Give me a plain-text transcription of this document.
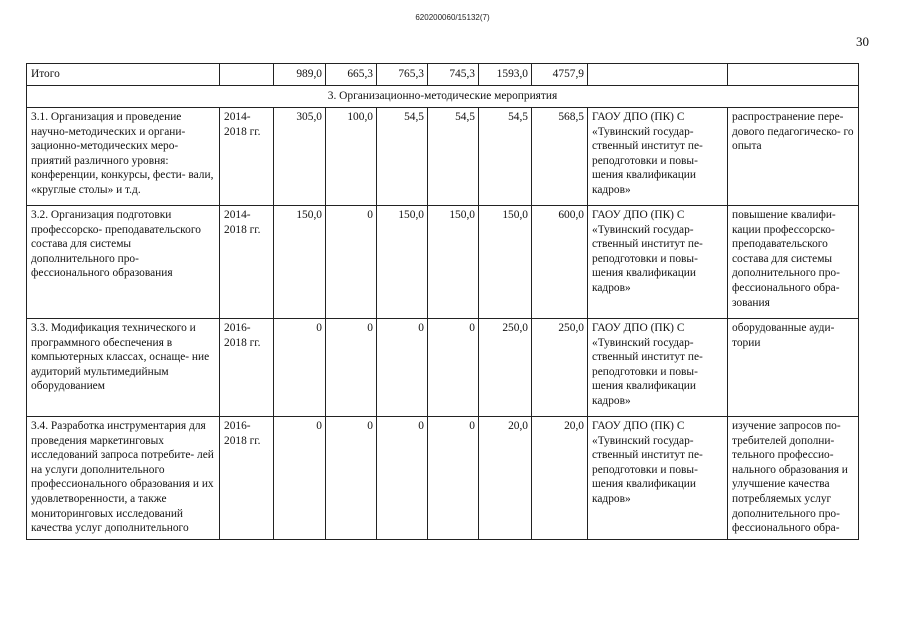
620200060/15132(7)
30
Итого		989,0	665,3	765,3	745,3	1593,0	4757,9		
3. Организационно-методические мероприятия									
3.1. Организация и проведение научно-методических и органи- зационно-методических меро- приятий различного уровня: конференции, конкурсы, фести- вали, «круглые столы» и т.д.	2014- 2018 гг.	305,0	100,0	54,5	54,5	54,5	568,5	ГАОУ ДПО (ПК) С «Тувинский государ- ственный институт пе- реподготовки и повы- шения квалификации кадров»	распространение пере- дового педагогическо- го опыта
3.2. Организация подготовки профессорско- преподавательского состава для системы дополнительного про- фессионального образования	2014- 2018 гг.	150,0	0	150,0	150,0	150,0	600,0	ГАОУ ДПО (ПК) С «Тувинский государ- ственный институт пе- реподготовки и повы- шения квалификации кадров»	повышение квалифи- кации профессорско- преподавательского состава для системы дополнительного про- фессионального обра- зования
3.3. Модификация технического и программного обеспечения в компьютерных классах, оснаще- ние аудиторий мультимедийным оборудованием	2016- 2018 гг.	0	0	0	0	250,0	250,0	ГАОУ ДПО (ПК) С «Тувинский государ- ственный институт пе- реподготовки и повы- шения квалификации кадров»	оборудованные ауди- тории
3.4. Разработка инструментария для проведения маркетинговых исследований запроса потребите- лей на услуги дополнительного профессионального образования и их удовлетворенности, а также мониторинговых исследований качества услуг дополнительного	2016- 2018 гг.	0	0	0	0	20,0	20,0	ГАОУ ДПО (ПК) С «Тувинский государ- ственный институт пе- реподготовки и повы- шения квалификации кадров»	изучение запросов по- требителей дополни- тельного профессио- нального образования и улучшение качества потребляемых услуг дополнительного про- фессионального обра-
